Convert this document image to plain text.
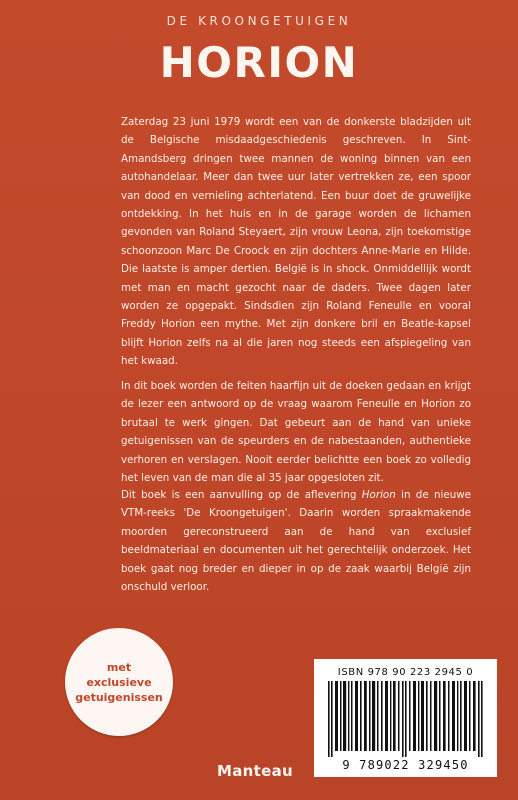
DE KROONGETUIGEN
HORION

Zaterdag 23 juni 1979 wordt een van de donkerste bladzijden uit de Belgische misdaadgeschiedenis geschreven. In Sint-Amandsberg dringen twee mannen de woning binnen van een autohandelaar. Meer dan twee uur later vertrekken ze, een spoor van dood en vernieling achterlatend. Een buur doet de gruwelijke ontdekking. In het huis en in de garage worden de lichamen gevonden van Roland Steyaert, zijn vrouw Leona, zijn toekomstige schoonzoon Marc De Croock en zijn dochters Anne-Marie en Hilde. Die laatste is amper dertien. België is in shock. Onmiddellijk wordt met man en macht gezocht naar de daders. Twee dagen later worden ze opgepakt. Sindsdien zijn Roland Feneulle en vooral Freddy Horion een mythe. Met zijn donkere bril en Beatle-kapsel blijft Horion zelfs na al die jaren nog steeds een afspiegeling van het kwaad.

In dit boek worden de feiten haarfijn uit de doeken gedaan en krijgt de lezer een antwoord op de vraag waarom Feneulle en Horion zo brutaal te werk gingen. Dat gebeurt aan de hand van unieke getuigenissen van de speurders en de nabestaanden, authentieke verhoren en verslagen. Nooit eerder belichtte een boek zo volledig het leven van de man die al 35 jaar opgesloten zit.

Dit boek is een aanvulling op de aflevering Horion in de nieuwe VTM-reeks 'De Kroongetuigen'. Daarin worden spraakmakende moorden gereconstrueerd aan de hand van exclusief beeldmateriaal en documenten uit het gerechtelijk onderzoek. Het boek gaat nog breder en dieper in op de zaak waarbij België zijn onschuld verloor.

met
exclusieve
getuigenissen
ISBN 978 90 223 2945 0
9 789022 329450
Manteau
